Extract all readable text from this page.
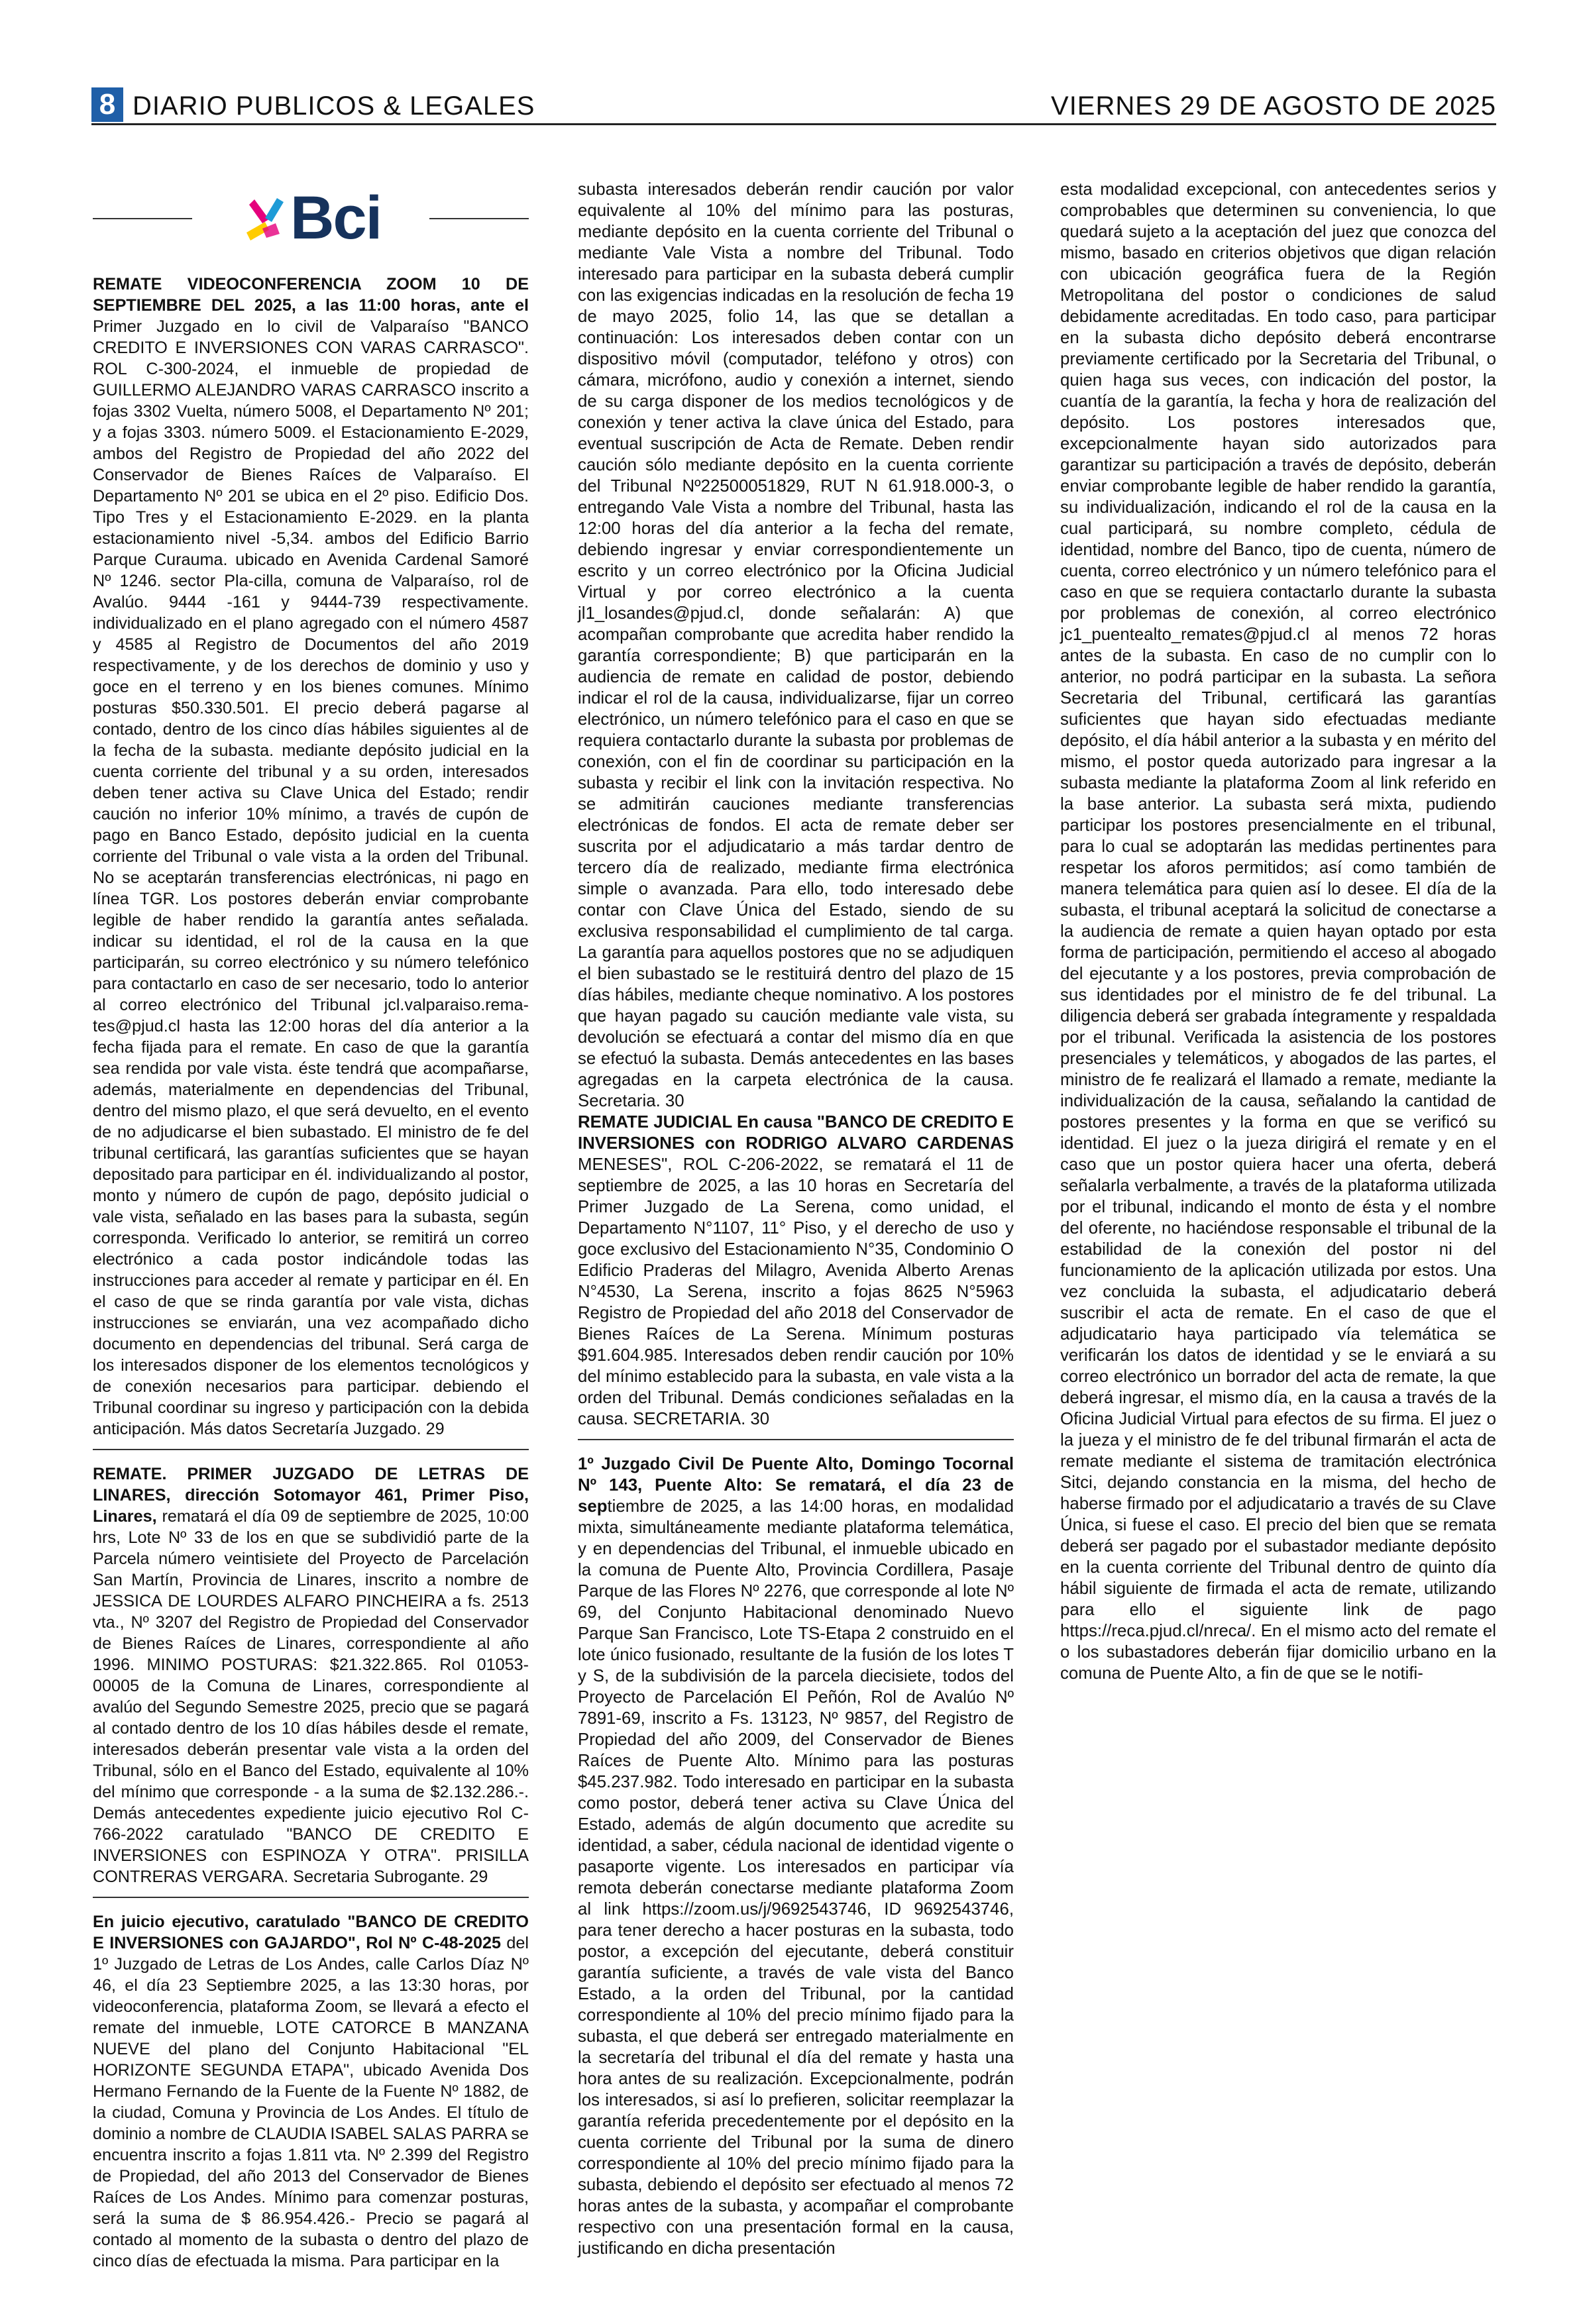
8 DIARIO PUBLICOS & LEGALES	VIERNES 29 DE AGOSTO DE 2025
Bci

REMATE VIDEOCONFERENCIA ZOOM 10 DE SEPTIEMBRE DEL 2025, a las 11:00 horas, ante el Primer Juzgado en lo civil de Valparaíso "BANCO CREDITO E INVERSIONES CON VARAS CARRASCO". ROL C-300-2024, el inmueble de propiedad de GUILLERMO ALEJANDRO VARAS CARRASCO inscrito a fojas 3302 Vuelta, número 5008, el Departamento Nº 201; y a fojas 3303. número 5009. el Estacionamiento E-2029, ambos del Registro de Propiedad del año 2022 del Conservador de Bienes Raíces de Valparaíso. El Departamento Nº 201 se ubica en el 2º piso. Edificio Dos. Tipo Tres y el Estacionamiento E-2029. en la planta estacionamiento nivel -5,34. ambos del Edificio Barrio Parque Curauma. ubicado en Avenida Cardenal Samoré Nº 1246. sector Pla-cilla, comuna de Valparaíso, rol de Avalúo. 9444 -161 y 9444-739 respectivamente. individualizado en el plano agregado con el número 4587 y 4585 al Registro de Documentos del año 2019 respectivamente, y de los derechos de dominio y uso y goce en el terreno y en los bienes comunes. Mínimo posturas $50.330.501. El precio deberá pagarse al contado, dentro de los cinco días hábiles siguientes al de la fecha de la subasta. mediante depósito judicial en la cuenta corriente del tribunal y a su orden, interesados deben tener activa su Clave Unica del Estado; rendir caución no inferior 10% mínimo, a través de cupón de pago en Banco Estado, depósito judicial en la cuenta corriente del Tribunal o vale vista a la orden del Tribunal. No se aceptarán transferencias electrónicas, ni pago en línea TGR. Los postores deberán enviar comprobante legible de haber rendido la garantía antes señalada. indicar su identidad, el rol de la causa en la que participarán, su correo electrónico y su número telefónico para contactarlo en caso de ser necesario, todo lo anterior al correo electrónico del Tribunal jcl.valparaiso.rema-tes@pjud.cl hasta las 12:00 horas del día anterior a la fecha fijada para el remate. En caso de que la garantía sea rendida por vale vista. éste tendrá que acompañarse, además, materialmente en dependencias del Tribunal, dentro del mismo plazo, el que será devuelto, en el evento de no adjudicarse el bien subastado. El ministro de fe del tribunal certificará, las garantías suficientes que se hayan depositado para participar en él. individualizando al postor, monto y número de cupón de pago, depósito judicial o vale vista, señalado en las bases para la subasta, según corresponda. Verificado lo anterior, se remitirá un correo electrónico a cada postor indicándole todas las instrucciones para acceder al remate y participar en él. En el caso de que se rinda garantía por vale vista, dichas instrucciones se enviarán, una vez acompañado dicho documento en dependencias del tribunal. Será carga de los interesados disponer de los elementos tecnológicos y de conexión necesarios para participar. debiendo el Tribunal coordinar su ingreso y participación con la debida anticipación. Más datos Secretaría Juzgado. 29

REMATE. PRIMER JUZGADO DE LETRAS DE LINARES, dirección Sotomayor 461, Primer Piso, Linares, rematará el día 09 de septiembre de 2025, 10:00 hrs, Lote Nº 33 de los en que se subdividió parte de la Parcela número veintisiete del Proyecto de Parcelación San Martín, Provincia de Linares, inscrito a nombre de JESSICA DE LOURDES ALFARO PINCHEIRA a fs. 2513 vta., Nº 3207 del Registro de Propiedad del Conservador de Bienes Raíces de Linares, correspondiente al año 1996. MINIMO POSTURAS: $21.322.865. Rol 01053- 00005 de la Comuna de Linares, correspondiente al avalúo del Segundo Semestre 2025, precio que se pagará al contado dentro de los 10 días hábiles desde el remate, interesados deberán presentar vale vista a la orden del Tribunal, sólo en el Banco del Estado, equivalente al 10% del mínimo que corresponde - a la suma de $2.132.286.-. Demás antecedentes expediente juicio ejecutivo Rol C-766-2022 caratulado "BANCO DE CREDITO E INVERSIONES con ESPINOZA Y OTRA". PRISILLA CONTRERAS VERGARA. Secretaria Subrogante. 29

En juicio ejecutivo, caratulado "BANCO DE CREDITO E INVERSIONES con GAJARDO", Rol Nº C-48-2025 del 1º Juzgado de Letras de Los Andes, calle Carlos Díaz Nº 46, el día 23 Septiembre 2025, a las 13:30 horas, por videoconferencia, plataforma Zoom, se llevará a efecto el remate del inmueble, LOTE CATORCE B MANZANA NUEVE del plano del Conjunto Habitacional "EL HORIZONTE SEGUNDA ETAPA", ubicado Avenida Dos Hermano Fernando de la Fuente de la Fuente Nº 1882, de la ciudad, Comuna y Provincia de Los Andes. El título de dominio a nombre de CLAUDIA ISABEL SALAS PARRA se encuentra inscrito a fojas 1.811 vta. Nº 2.399 del Registro de Propiedad, del año 2013 del Conservador de Bienes Raíces de Los Andes. Mínimo para comenzar posturas, será la suma de $ 86.954.426.- Precio se pagará al contado al momento de la subasta o dentro del plazo de cinco días de efectuada la misma. Para participar en la

subasta interesados deberán rendir caución por valor equivalente al 10% del mínimo para las posturas, mediante depósito en la cuenta corriente del Tribunal o mediante Vale Vista a nombre del Tribunal. Todo interesado para participar en la subasta deberá cumplir con las exigencias indicadas en la resolución de fecha 19 de mayo 2025, folio 14, las que se detallan a continuación: Los interesados deben contar con un dispositivo móvil (computador, teléfono y otros) con cámara, micrófono, audio y conexión a internet, siendo de su carga disponer de los medios tecnológicos y de conexión y tener activa la clave única del Estado, para eventual suscripción de Acta de Remate. Deben rendir caución sólo mediante depósito en la cuenta corriente del Tribunal Nº22500051829, RUT N 61.918.000-3, o entregando Vale Vista a nombre del Tribunal, hasta las 12:00 horas del día anterior a la fecha del remate, debiendo ingresar y enviar correspondientemente un escrito y un correo electrónico por la Oficina Judicial Virtual y por correo electrónico a la cuenta jl1_losandes@pjud.cl, donde señalarán: A) que acompañan comprobante que acredita haber rendido la garantía correspondiente; B) que participarán en la audiencia de remate en calidad de postor, debiendo indicar el rol de la causa, individualizarse, fijar un correo electrónico, un número telefónico para el caso en que se requiera contactarlo durante la subasta por problemas de conexión, con el fin de coordinar su participación en la subasta y recibir el link con la invitación respectiva. No se admitirán cauciones mediante transferencias electrónicas de fondos. El acta de remate deber ser suscrita por el adjudicatario a más tardar dentro de tercero día de realizado, mediante firma electrónica simple o avanzada. Para ello, todo interesado debe contar con Clave Única del Estado, siendo de su exclusiva responsabilidad el cumplimiento de tal carga. La garantía para aquellos postores que no se adjudiquen el bien subastado se le restituirá dentro del plazo de 15 días hábiles, mediante cheque nominativo. A los postores que hayan pagado su caución mediante vale vista, su devolución se efectuará a contar del mismo día en que se efectuó la subasta. Demás antecedentes en las bases agregadas en la carpeta electrónica de la causa. Secretaria. 30

REMATE JUDICIAL En causa "BANCO DE CREDITO E INVERSIONES con RODRIGO ALVARO CARDENAS MENESES", ROL C-206-2022, se rematará el 11 de septiembre de 2025, a las 10 horas en Secretaría del Primer Juzgado de La Serena, como unidad, el Departamento N°1107, 11° Piso, y el derecho de uso y goce exclusivo del Estacionamiento N°35, Condominio O Edificio Praderas del Milagro, Avenida Alberto Arenas N°4530, La Serena, inscrito a fojas 8625 N°5963 Registro de Propiedad del año 2018 del Conservador de Bienes Raíces de La Serena. Mínimum posturas $91.604.985. Interesados deben rendir caución por 10% del mínimo establecido para la subasta, en vale vista a la orden del Tribunal. Demás condiciones señaladas en la causa. SECRETARIA. 30

1º Juzgado Civil De Puente Alto, Domingo Tocornal Nº 143, Puente Alto: Se rematará, el día 23 de septiembre de 2025, a las 14:00 horas, en modalidad mixta, simultáneamente mediante plataforma telemática, y en dependencias del Tribunal, el inmueble ubicado en la comuna de Puente Alto, Provincia Cordillera, Pasaje Parque de las Flores Nº 2276, que corresponde al lote Nº 69, del Conjunto Habitacional denominado Nuevo Parque San Francisco, Lote TS-Etapa 2 construido en el lote único fusionado, resultante de la fusión de los lotes T y S, de la subdivisión de la parcela diecisiete, todos del Proyecto de Parcelación El Peñón, Rol de Avalúo Nº 7891-69, inscrito a Fs. 13123, Nº 9857, del Registro de Propiedad del año 2009, del Conservador de Bienes Raíces de Puente Alto. Mínimo para las posturas $45.237.982. Todo interesado en participar en la subasta como postor, deberá tener activa su Clave Única del Estado, además de algún documento que acredite su identidad, a saber, cédula nacional de identidad vigente o pasaporte vigente. Los interesados en participar vía remota deberán conectarse mediante plataforma Zoom al link https://zoom.us/j/9692543746, ID 9692543746, para tener derecho a hacer posturas en la subasta, todo postor, a excepción del ejecutante, deberá constituir garantía suficiente, a través de vale vista del Banco Estado, a la orden del Tribunal, por la cantidad correspondiente al 10% del precio mínimo fijado para la subasta, el que deberá ser entregado materialmente en la secretaría del tribunal el día del remate y hasta una hora antes de su realización. Excepcionalmente, podrán los interesados, si así lo prefieren, solicitar reemplazar la garantía referida precedentemente por el depósito en la cuenta corriente del Tribunal por la suma de dinero correspondiente al 10% del precio mínimo fijado para la subasta, debiendo el depósito ser efectuado al menos 72 horas antes de la subasta, y acompañar el comprobante respectivo con una presentación formal en la causa, justificando en dicha presentación

esta modalidad excepcional, con antecedentes serios y comprobables que determinen su conveniencia, lo que quedará sujeto a la aceptación del juez que conozca del mismo, basado en criterios objetivos que digan relación con ubicación geográfica fuera de la Región Metropolitana del postor o condiciones de salud debidamente acreditadas. En todo caso, para participar en la subasta dicho depósito deberá encontrarse previamente certificado por la Secretaria del Tribunal, o quien haga sus veces, con indicación del postor, la cuantía de la garantía, la fecha y hora de realización del depósito. Los postores interesados que, excepcionalmente hayan sido autorizados para garantizar su participación a través de depósito, deberán enviar comprobante legible de haber rendido la garantía, su individualización, indicando el rol de la causa en la cual participará, su nombre completo, cédula de identidad, nombre del Banco, tipo de cuenta, número de cuenta, correo electrónico y un número telefónico para el caso en que se requiera contactarlo durante la subasta por problemas de conexión, al correo electrónico jc1_puentealto_remates@pjud.cl al menos 72 horas antes de la subasta. En caso de no cumplir con lo anterior, no podrá participar en la subasta. La señora Secretaria del Tribunal, certificará las garantías suficientes que hayan sido efectuadas mediante depósito, el día hábil anterior a la subasta y en mérito del mismo, el postor queda autorizado para ingresar a la subasta mediante la plataforma Zoom al link referido en la base anterior. La subasta será mixta, pudiendo participar los postores presencialmente en el tribunal, para lo cual se adoptarán las medidas pertinentes para respetar los aforos permitidos; así como también de manera telemática para quien así lo desee. El día de la subasta, el tribunal aceptará la solicitud de conectarse a la audiencia de remate a quien hayan optado por esta forma de participación, permitiendo el acceso al abogado del ejecutante y a los postores, previa comprobación de sus identidades por el ministro de fe del tribunal. La diligencia deberá ser grabada íntegramente y respaldada por el tribunal. Verificada la asistencia de los postores presenciales y telemáticos, y abogados de las partes, el ministro de fe realizará el llamado a remate, mediante la individualización de la causa, señalando la cantidad de postores presentes y la forma en que se verificó su identidad. El juez o la jueza dirigirá el remate y en el caso que un postor quiera hacer una oferta, deberá señalarla verbalmente, a través de la plataforma utilizada por el tribunal, indicando el monto de ésta y el nombre del oferente, no haciéndose responsable el tribunal de la estabilidad de la conexión del postor ni del funcionamiento de la aplicación utilizada por estos. Una vez concluida la subasta, el adjudicatario deberá suscribir el acta de remate. En el caso de que el adjudicatario haya participado vía telemática se verificarán los datos de identidad y se le enviará a su correo electrónico un borrador del acta de remate, la que deberá ingresar, el mismo día, en la causa a través de la Oficina Judicial Virtual para efectos de su firma. El juez o la jueza y el ministro de fe del tribunal firmarán el acta de remate mediante el sistema de tramitación electrónica Sitci, dejando constancia en la misma, del hecho de haberse firmado por el adjudicatario a través de su Clave Única, si fuese el caso. El precio del bien que se remata deberá ser pagado por el subastador mediante depósito en la cuenta corriente del Tribunal dentro de quinto día hábil siguiente de firmada el acta de remate, utilizando para ello el siguiente link de pago https://reca.pjud.cl/nreca/. En el mismo acto del remate el o los subastadores deberán fijar domicilio urbano en la comuna de Puente Alto, a fin de que se le notifi-
